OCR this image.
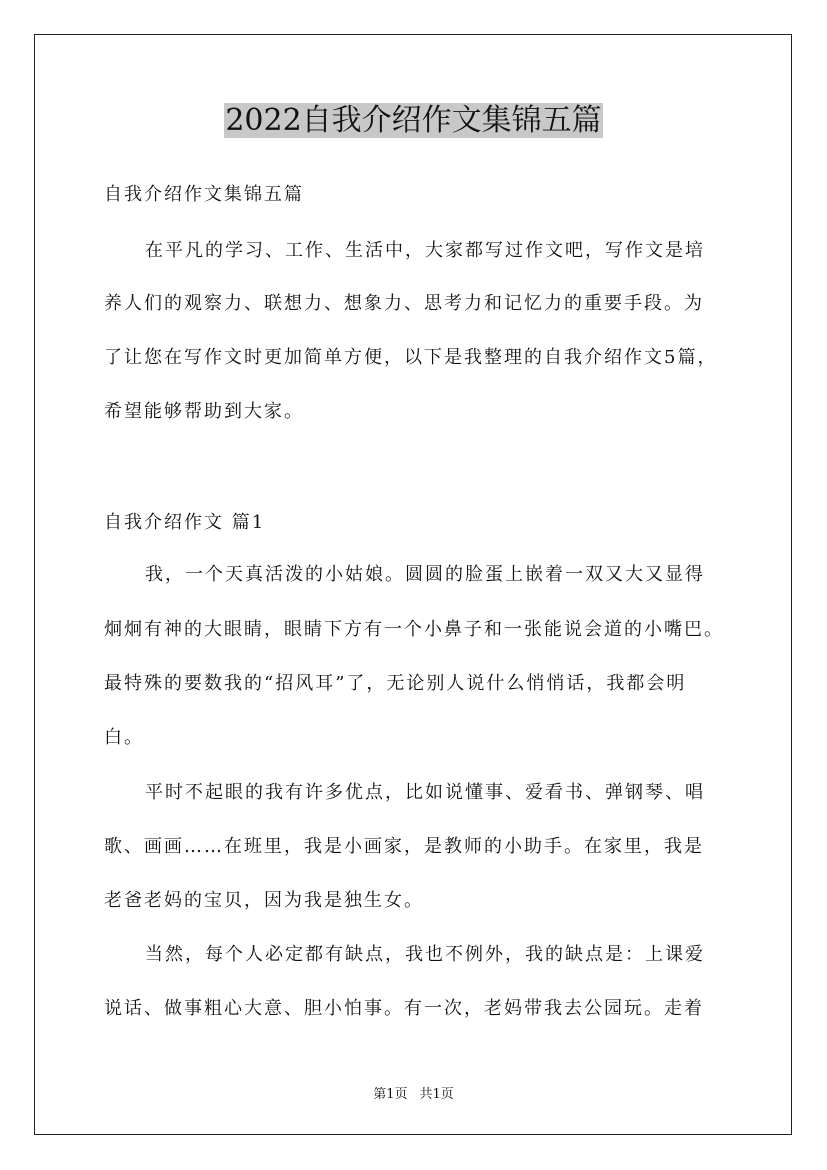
2022自我介绍作文集锦五篇

自我介绍作文集锦五篇

在平凡的学习、工作、生活中，大家都写过作文吧，写作文是培

养人们的观察力、联想力、想象力、思考力和记忆力的重要手段。为

了让您在写作文时更加简单方便，以下是我整理的自我介绍作文5篇，

希望能够帮助到大家。

自我介绍作文 篇1

我，一个天真活泼的小姑娘。圆圆的脸蛋上嵌着一双又大又显得

炯炯有神的大眼睛，眼睛下方有一个小鼻子和一张能说会道的小嘴巴。

最特殊的要数我的“招风耳”了，无论别人说什么悄悄话，我都会明

白。

平时不起眼的我有许多优点，比如说懂事、爱看书、弹钢琴、唱

歌、画画……在班里，我是小画家，是教师的小助手。在家里，我是

老爸老妈的宝贝，因为我是独生女。

当然，每个人必定都有缺点，我也不例外，我的缺点是：上课爱

说话、做事粗心大意、胆小怕事。有一次，老妈带我去公园玩。走着

第1页 共1页
